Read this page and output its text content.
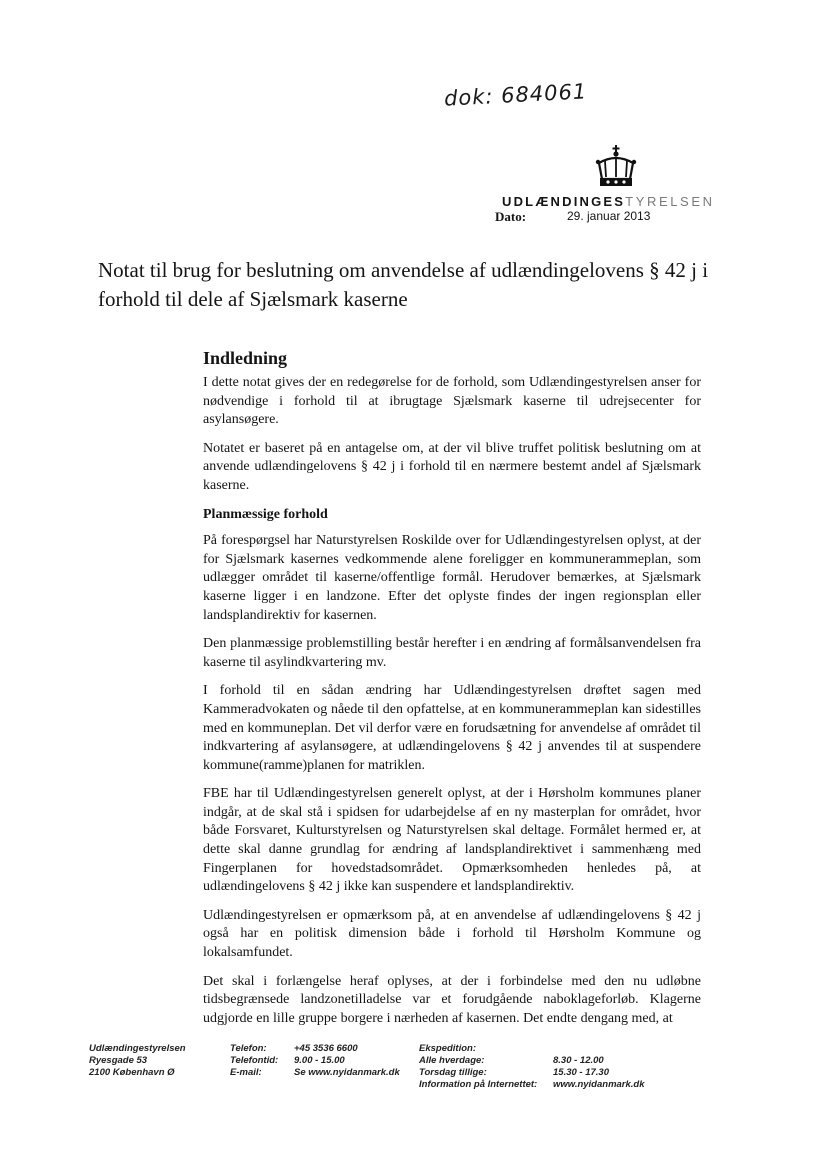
dok: 684061
UDLÆNDINGESTYRELSEN
Dato:	29. januar 2013
Notat til brug for beslutning om anvendelse af udlændingelovens § 42 j i forhold til dele af Sjælsmark kaserne
Indledning

I dette notat gives der en redegørelse for de forhold, som Udlændingestyrelsen anser for nødvendige i forhold til at ibrugtage Sjælsmark kaserne til udrejsecenter for asylansøgere.

Notatet er baseret på en antagelse om, at der vil blive truffet politisk beslutning om at anvende udlændingelovens § 42 j i forhold til en nærmere bestemt andel af Sjælsmark kaserne.

Planmæssige forhold

På forespørgsel har Naturstyrelsen Roskilde over for Udlændingestyrelsen oplyst, at der for Sjælsmark kasernes vedkommende alene foreligger en kommunerammeplan, som udlægger området til kaserne/offentlige formål. Herudover bemærkes, at Sjælsmark kaserne ligger i en landzone. Efter det oplyste findes der ingen regionsplan eller landsplandirektiv for kasernen.

Den planmæssige problemstilling består herefter i en ændring af formålsanvendelsen fra kaserne til asylindkvartering mv.

I forhold til en sådan ændring har Udlændingestyrelsen drøftet sagen med Kammeradvokaten og nåede til den opfattelse, at en kommunerammeplan kan sidestilles med en kommuneplan. Det vil derfor være en forudsætning for anvendelse af området til indkvartering af asylansøgere, at udlændingelovens § 42 j anvendes til at suspendere kommune(ramme)planen for matriklen.

FBE har til Udlændingestyrelsen generelt oplyst, at der i Hørsholm kommunes planer indgår, at de skal stå i spidsen for udarbejdelse af en ny masterplan for området, hvor både Forsvaret, Kulturstyrelsen og Naturstyrelsen skal deltage. Formålet hermed er, at dette skal danne grundlag for ændring af landsplandirektivet i sammenhæng med Fingerplanen for hovedstadsområdet. Opmærksomheden henledes på, at udlændingelovens § 42 j ikke kan suspendere et landsplandirektiv.

Udlændingestyrelsen er opmærksom på, at en anvendelse af udlændingelovens § 42 j også har en politisk dimension både i forhold til Hørsholm Kommune og lokalsamfundet.

Det skal i forlængelse heraf oplyses, at der i forbindelse med den nu udløbne tidsbegrænsede landzonetilladelse var et forudgående naboklageforløb. Klagerne udgjorde en lille gruppe borgere i nærheden af kasernen. Det endte dengang med, at

Udlændingestyrelsen
Ryesgade 53
2100 København Ø
Telefon:
Telefontid:
E-mail:
+45 3536 6600
9.00 - 15.00
Se www.nyidanmark.dk
Ekspedition:
Alle hverdage:
Torsdag tillige:
Information på Internettet:

8.30 - 12.00
15.30 - 17.30
www.nyidanmark.dk
